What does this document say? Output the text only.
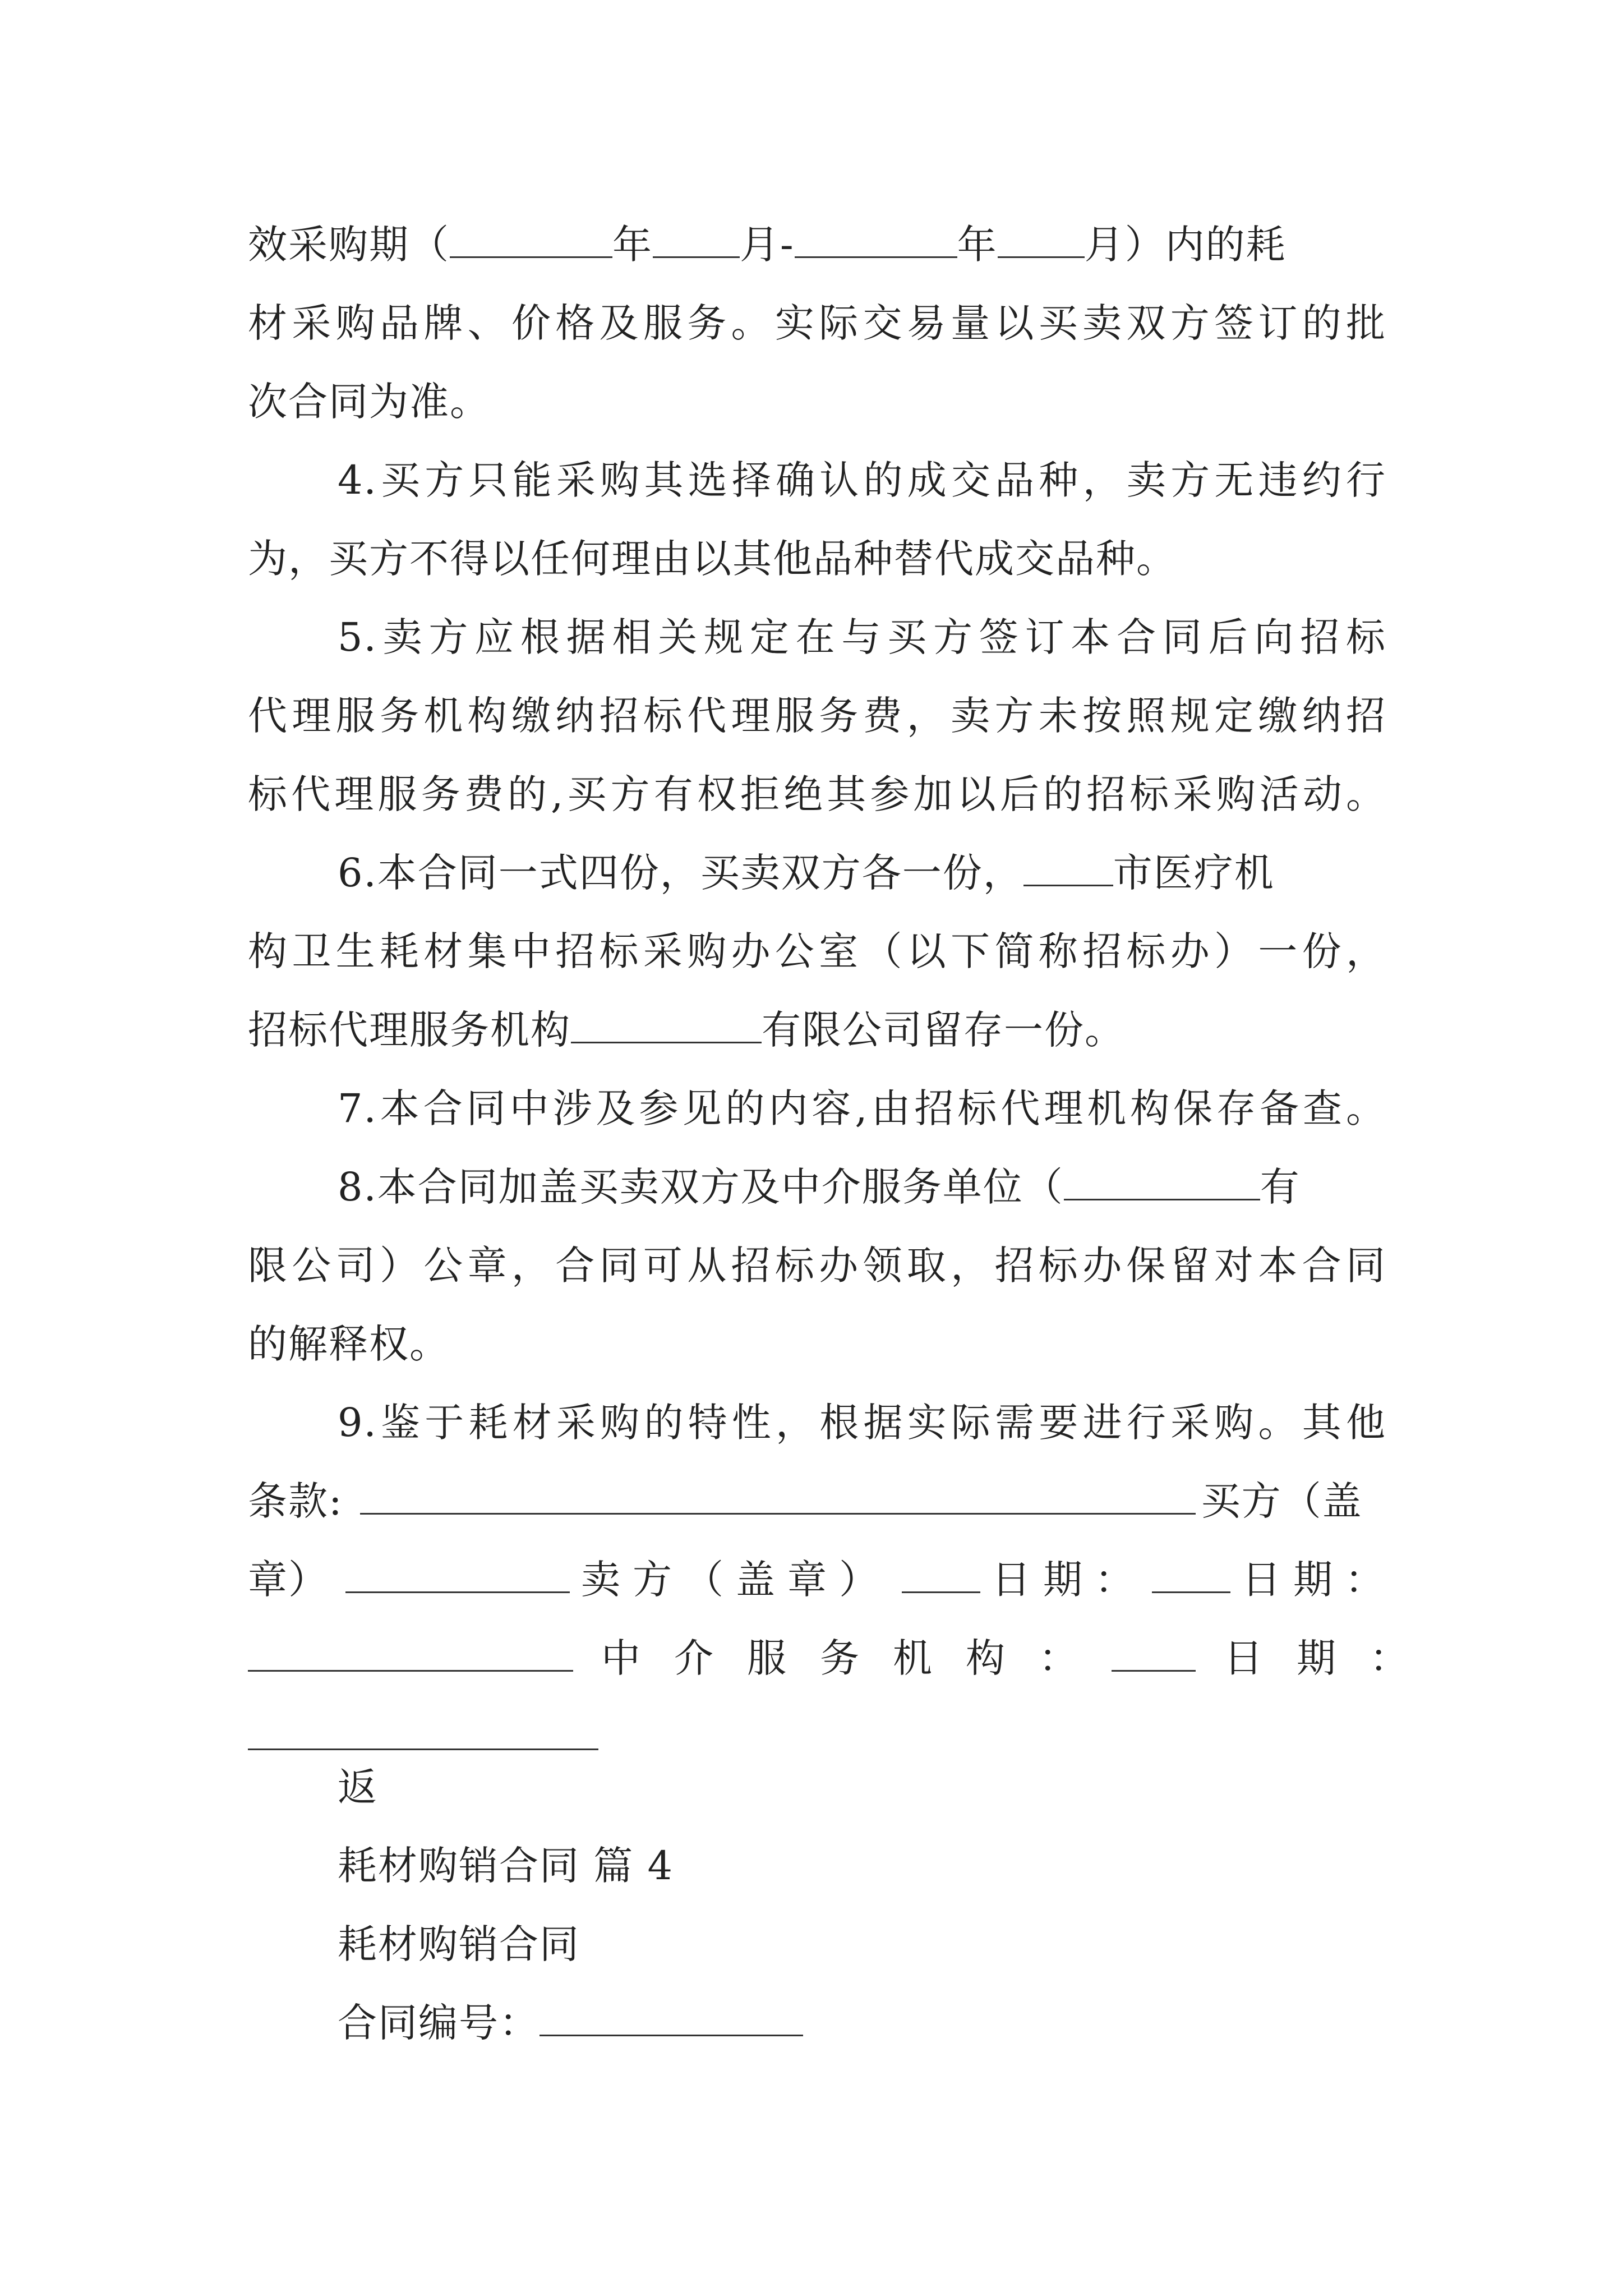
效采购期（	年 月-	年 月）内的耗
材采购品牌、价格及服务。实际交易量以买卖双方签订的批
次合同为准。
4.买方只能采购其选择确认的成交品种，卖方无违约行
为，买方不得以任何理由以其他品种替代成交品种。
5.卖方应根据相关规定在与买方签订本合同后向招标
代理服务机构缴纳招标代理服务费，卖方未按照规定缴纳招
标代理服务费的,买方有权拒绝其参加以后的招标采购活动。
6.本合同一式四份，买卖双方各一份， 市医疗机
构卫生耗材集中招标采购办公室（以下简称招标办）一份，
招标代理服务机构	有限公司留存一份。
7.本合同中涉及参见的内容,由招标代理机构保存备查。
8.本合同加盖买卖双方及中介服务单位（	有
限公司）公章，合同可从招标办领取，招标办保留对本合同
的解释权。
9.鉴于耗材采购的特性，根据实际需要进行采购。其他
条款:	买方（盖
章）	卖方（盖章）	日期： 日期：
中介服务机构：	日期：
返
耗材购销合同 篇 4
耗材购销合同
合同编号：
